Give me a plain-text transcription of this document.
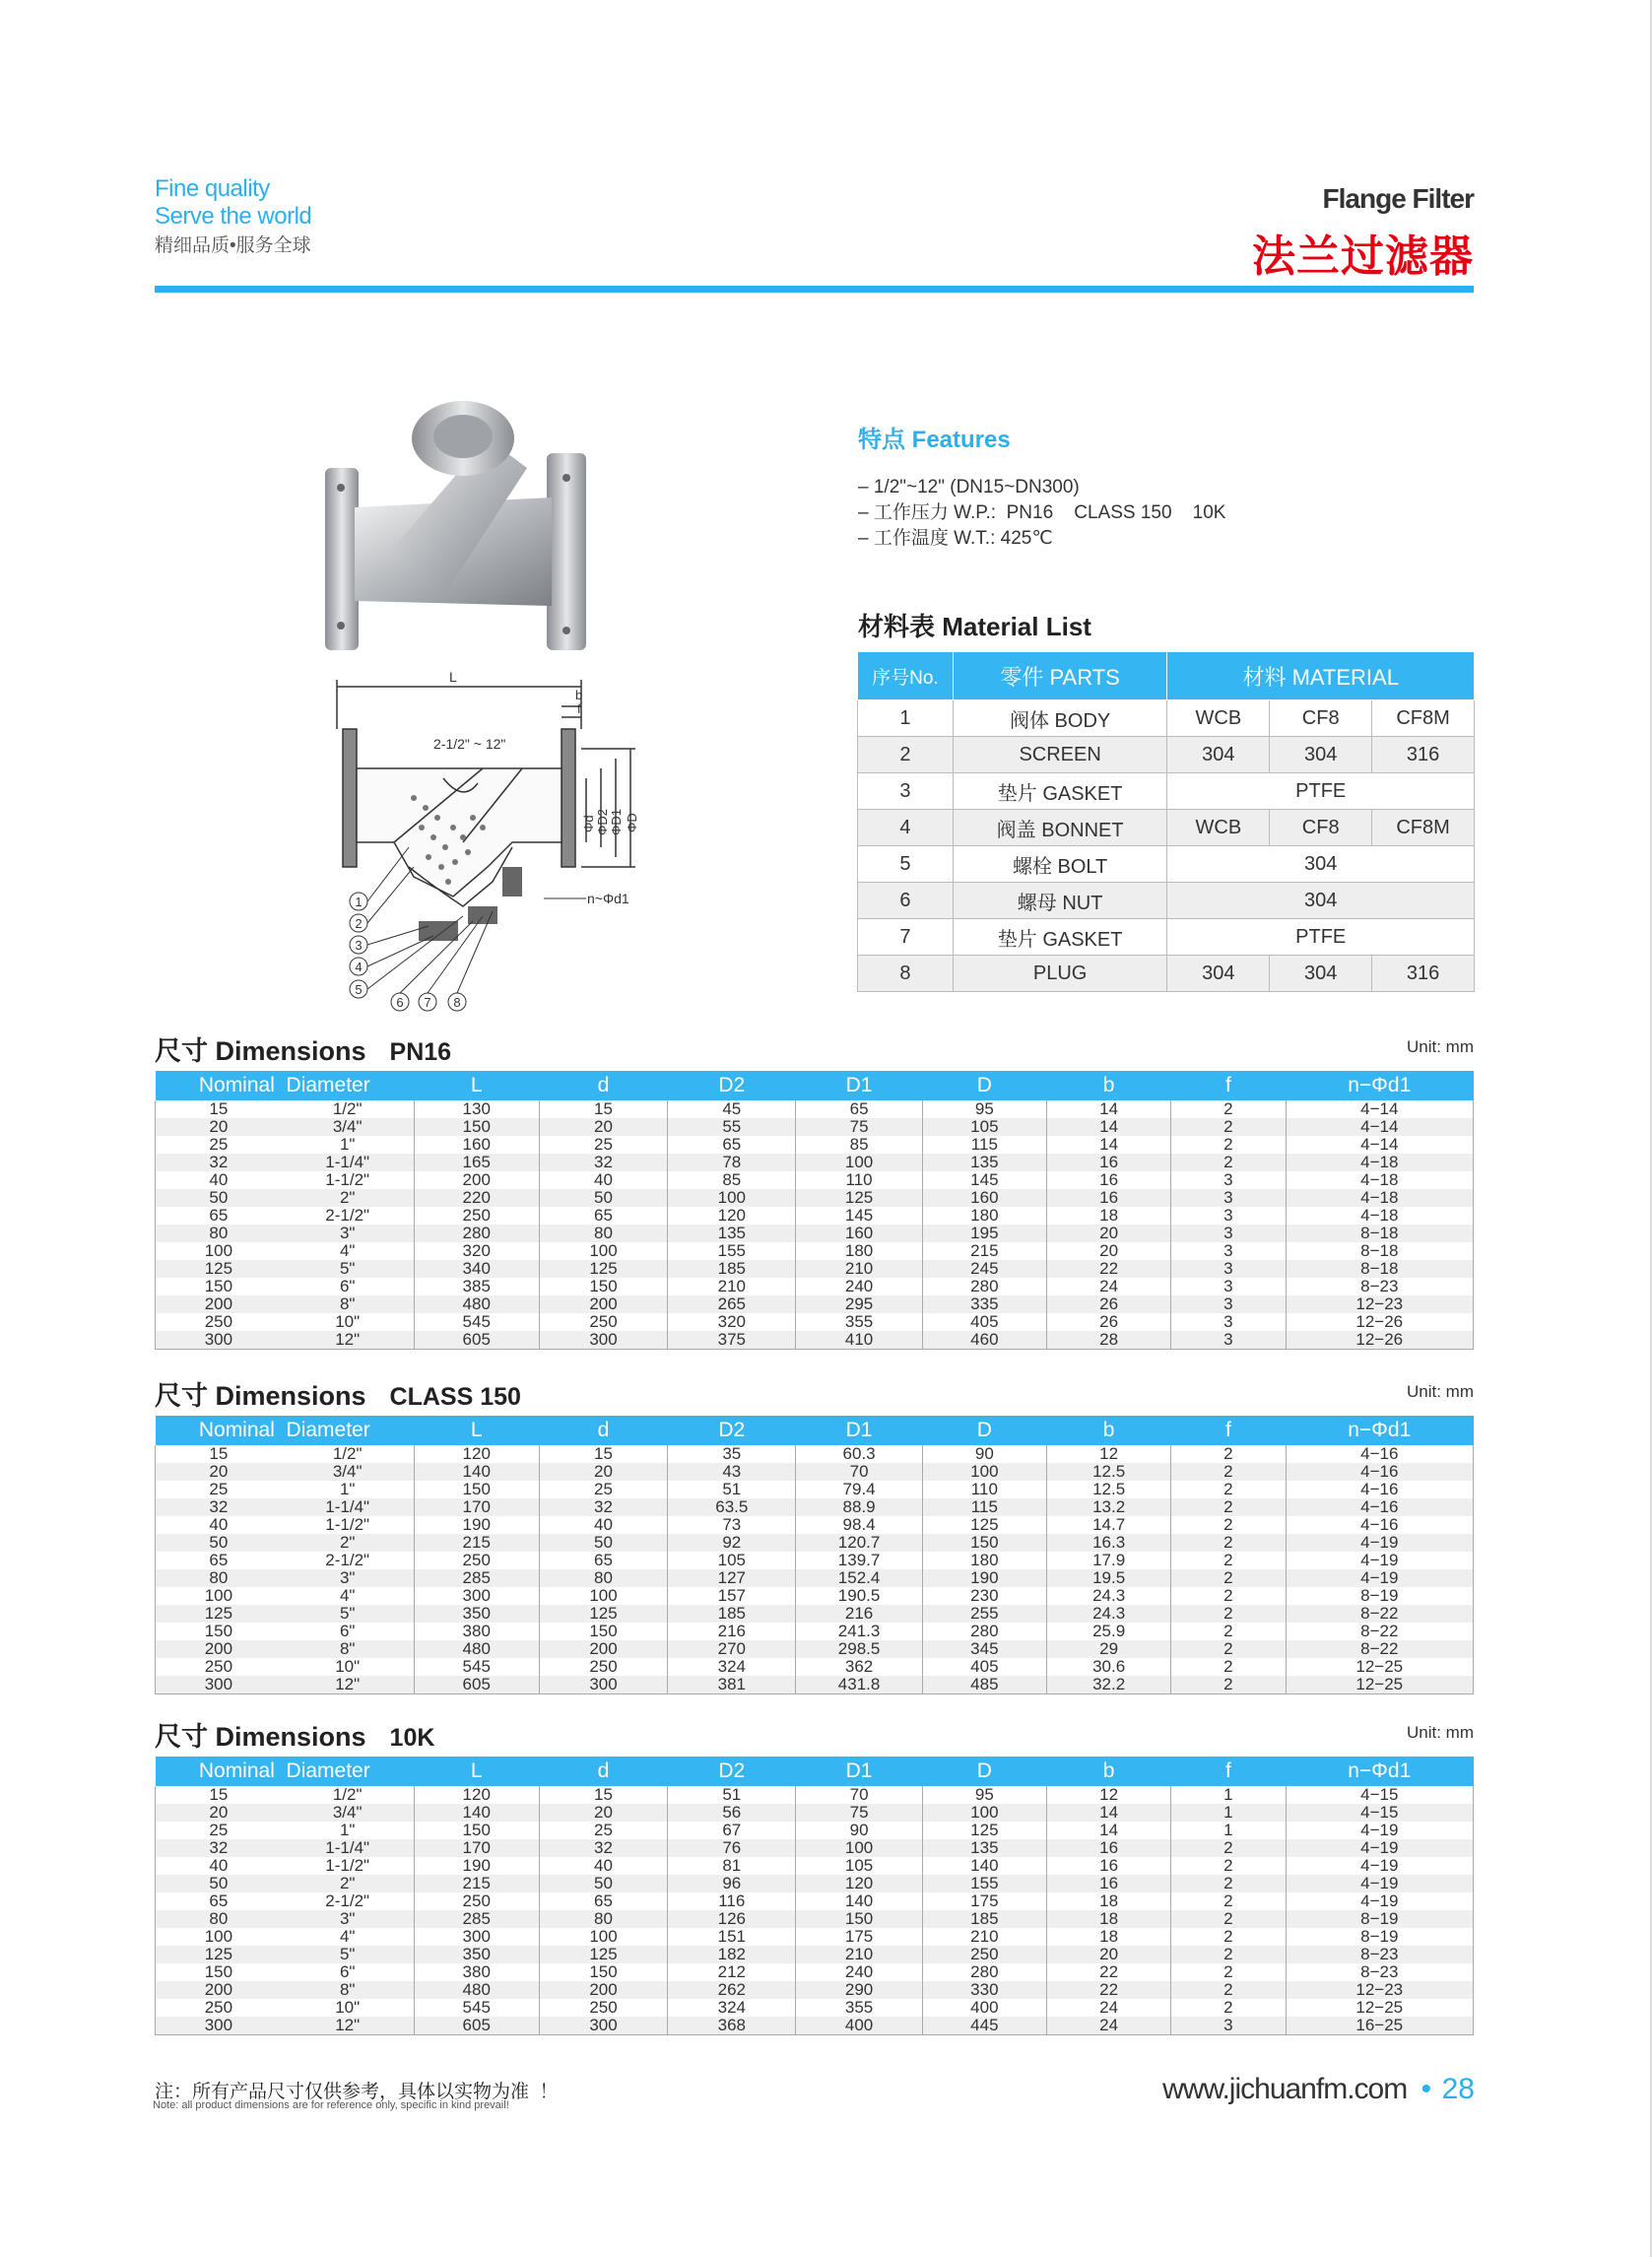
Fine quality
Serve the world
精细品质•服务全球
Flange Filter
法兰过滤器
L
b
f
2-1/2" ~ 12"
Φd ΦD2 ΦD1 ΦD
n~Φd1
1
2
3
4
5
6 7 8
特点 Features
– 1/2"~12" (DN15~DN300)
– 工作压力 W.P.:  PN16    CLASS 150    10K
– 工作温度 W.T.: 425℃
材料表 Material List
序号No.	零件 PARTS	材料 MATERIAL		
1	阀体 BODY	WCB	CF8	CF8M
2	SCREEN	304	304	316
3	垫片 GASKET	PTFE		
4	阀盖 BONNET	WCB	CF8	CF8M
5	螺栓 BOLT	304		
6	螺母 NUT	304		
7	垫片 GASKET	PTFE		
8	PLUG	304	304	316
尺寸 Dimensions PN16	Unit: mm
Nominal  Diameter		L	d	D2	D1	D	b	f	n−Φd1
15	1/2"	130	15	45	65	95	14	2	4−14
20	3/4"	150	20	55	75	105	14	2	4−14
25	1"	160	25	65	85	115	14	2	4−14
32	1-1/4"	165	32	78	100	135	16	2	4−18
40	1-1/2"	200	40	85	110	145	16	3	4−18
50	2"	220	50	100	125	160	16	3	4−18
65	2-1/2"	250	65	120	145	180	18	3	4−18
80	3"	280	80	135	160	195	20	3	8−18
100	4"	320	100	155	180	215	20	3	8−18
125	5"	340	125	185	210	245	22	3	8−18
150	6"	385	150	210	240	280	24	3	8−23
200	8"	480	200	265	295	335	26	3	12−23
250	10"	545	250	320	355	405	26	3	12−26
300	12"	605	300	375	410	460	28	3	12−26
尺寸 Dimensions CLASS 150	Unit: mm
Nominal  Diameter		L	d	D2	D1	D	b	f	n−Φd1
15	1/2"	120	15	35	60.3	90	12	2	4−16
20	3/4"	140	20	43	70	100	12.5	2	4−16
25	1"	150	25	51	79.4	110	12.5	2	4−16
32	1-1/4"	170	32	63.5	88.9	115	13.2	2	4−16
40	1-1/2"	190	40	73	98.4	125	14.7	2	4−16
50	2"	215	50	92	120.7	150	16.3	2	4−19
65	2-1/2"	250	65	105	139.7	180	17.9	2	4−19
80	3"	285	80	127	152.4	190	19.5	2	4−19
100	4"	300	100	157	190.5	230	24.3	2	8−19
125	5"	350	125	185	216	255	24.3	2	8−22
150	6"	380	150	216	241.3	280	25.9	2	8−22
200	8"	480	200	270	298.5	345	29	2	8−22
250	10"	545	250	324	362	405	30.6	2	12−25
300	12"	605	300	381	431.8	485	32.2	2	12−25
尺寸 Dimensions 10K	Unit: mm
Nominal  Diameter		L	d	D2	D1	D	b	f	n−Φd1
15	1/2"	120	15	51	70	95	12	1	4−15
20	3/4"	140	20	56	75	100	14	1	4−15
25	1"	150	25	67	90	125	14	1	4−19
32	1-1/4"	170	32	76	100	135	16	2	4−19
40	1-1/2"	190	40	81	105	140	16	2	4−19
50	2"	215	50	96	120	155	16	2	4−19
65	2-1/2"	250	65	116	140	175	18	2	4−19
80	3"	285	80	126	150	185	18	2	8−19
100	4"	300	100	151	175	210	18	2	8−19
125	5"	350	125	182	210	250	20	2	8−23
150	6"	380	150	212	240	280	22	2	8−23
200	8"	480	200	262	290	330	22	2	12−23
250	10"	545	250	324	355	400	24	2	12−25
300	12"	605	300	368	400	445	24	3	16−25
注：所有产品尺寸仅供参考，具体以实物为准  ！
Note: all product dimensions are for reference only, specific in kind prevail!	www.jichuanfm.com • 28
